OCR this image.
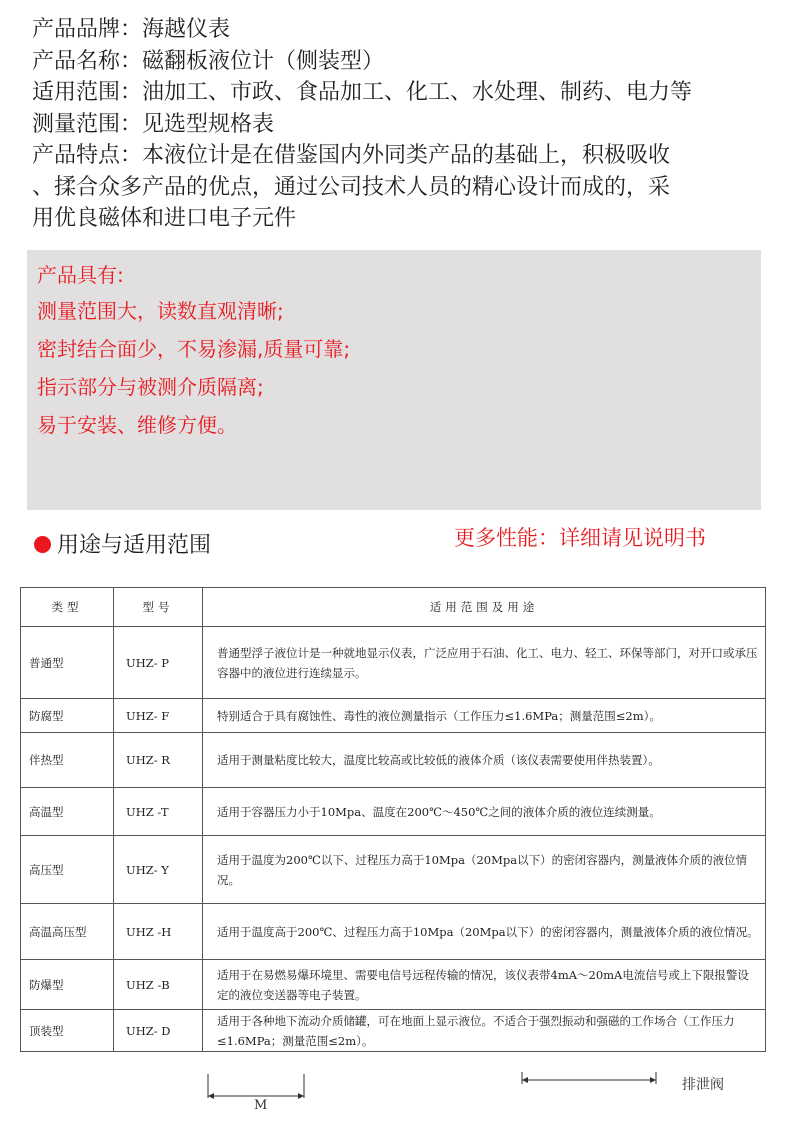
产品品牌：海越仪表
产品名称：磁翻板液位计（侧装型）
适用范围：油加工、市政、食品加工、化工、水处理、制药、电力等
测量范围：见选型规格表
产品特点：本液位计是在借鉴国内外同类产品的基础上，积极吸收
、揉合众多产品的优点，通过公司技术人员的精心设计而成的，采
用优良磁体和进口电子元件
产品具有:
测量范围大，读数直观清晰;
密封结合面少，不易渗漏,质量可靠;
指示部分与被测介质隔离;
易于安装、维修方便。
用途与适用范围	更多性能：详细请见说明书
类型	型号	适用范围及用途
普通型	UHZ- P	普通型浮子液位计是一种就地显示仪表，广泛应用于石油、化工、电力、轻工、环保等部门，对开口或承压容器中的液位进行连续显示。
防腐型	UHZ- F	特别适合于具有腐蚀性、毒性的液位测量指示（工作压力≤1.6MPa；测量范围≤2m）。
伴热型	UHZ- R	适用于测量粘度比较大，温度比较高或比较低的液体介质（该仪表需要使用伴热装置）。
高温型	UHZ -T	适用于容器压力小于10Mpa、温度在200℃～450℃之间的液体介质的液位连续测量。
高压型	UHZ- Y	适用于温度为200℃以下、过程压力高于10Mpa（20Mpa以下）的密闭容器内，测量液体介质的液位情况。
高温高压型	UHZ -H	适用于温度高于200℃、过程压力高于10Mpa（20Mpa以下）的密闭容器内，测量液体介质的液位情况。
防爆型	UHZ -B	适用于在易燃易爆环境里、需要电信号远程传输的情况，该仪表带4mA～20mA电流信号或上下限报警设定的液位变送器等电子装置。
顶装型	UHZ- D	适用于各种地下流动介质储罐，可在地面上显示液位。不适合于强烈振动和强磁的工作场合（工作压力≤1.6MPa；测量范围≤2m）。
M
排泄阀
